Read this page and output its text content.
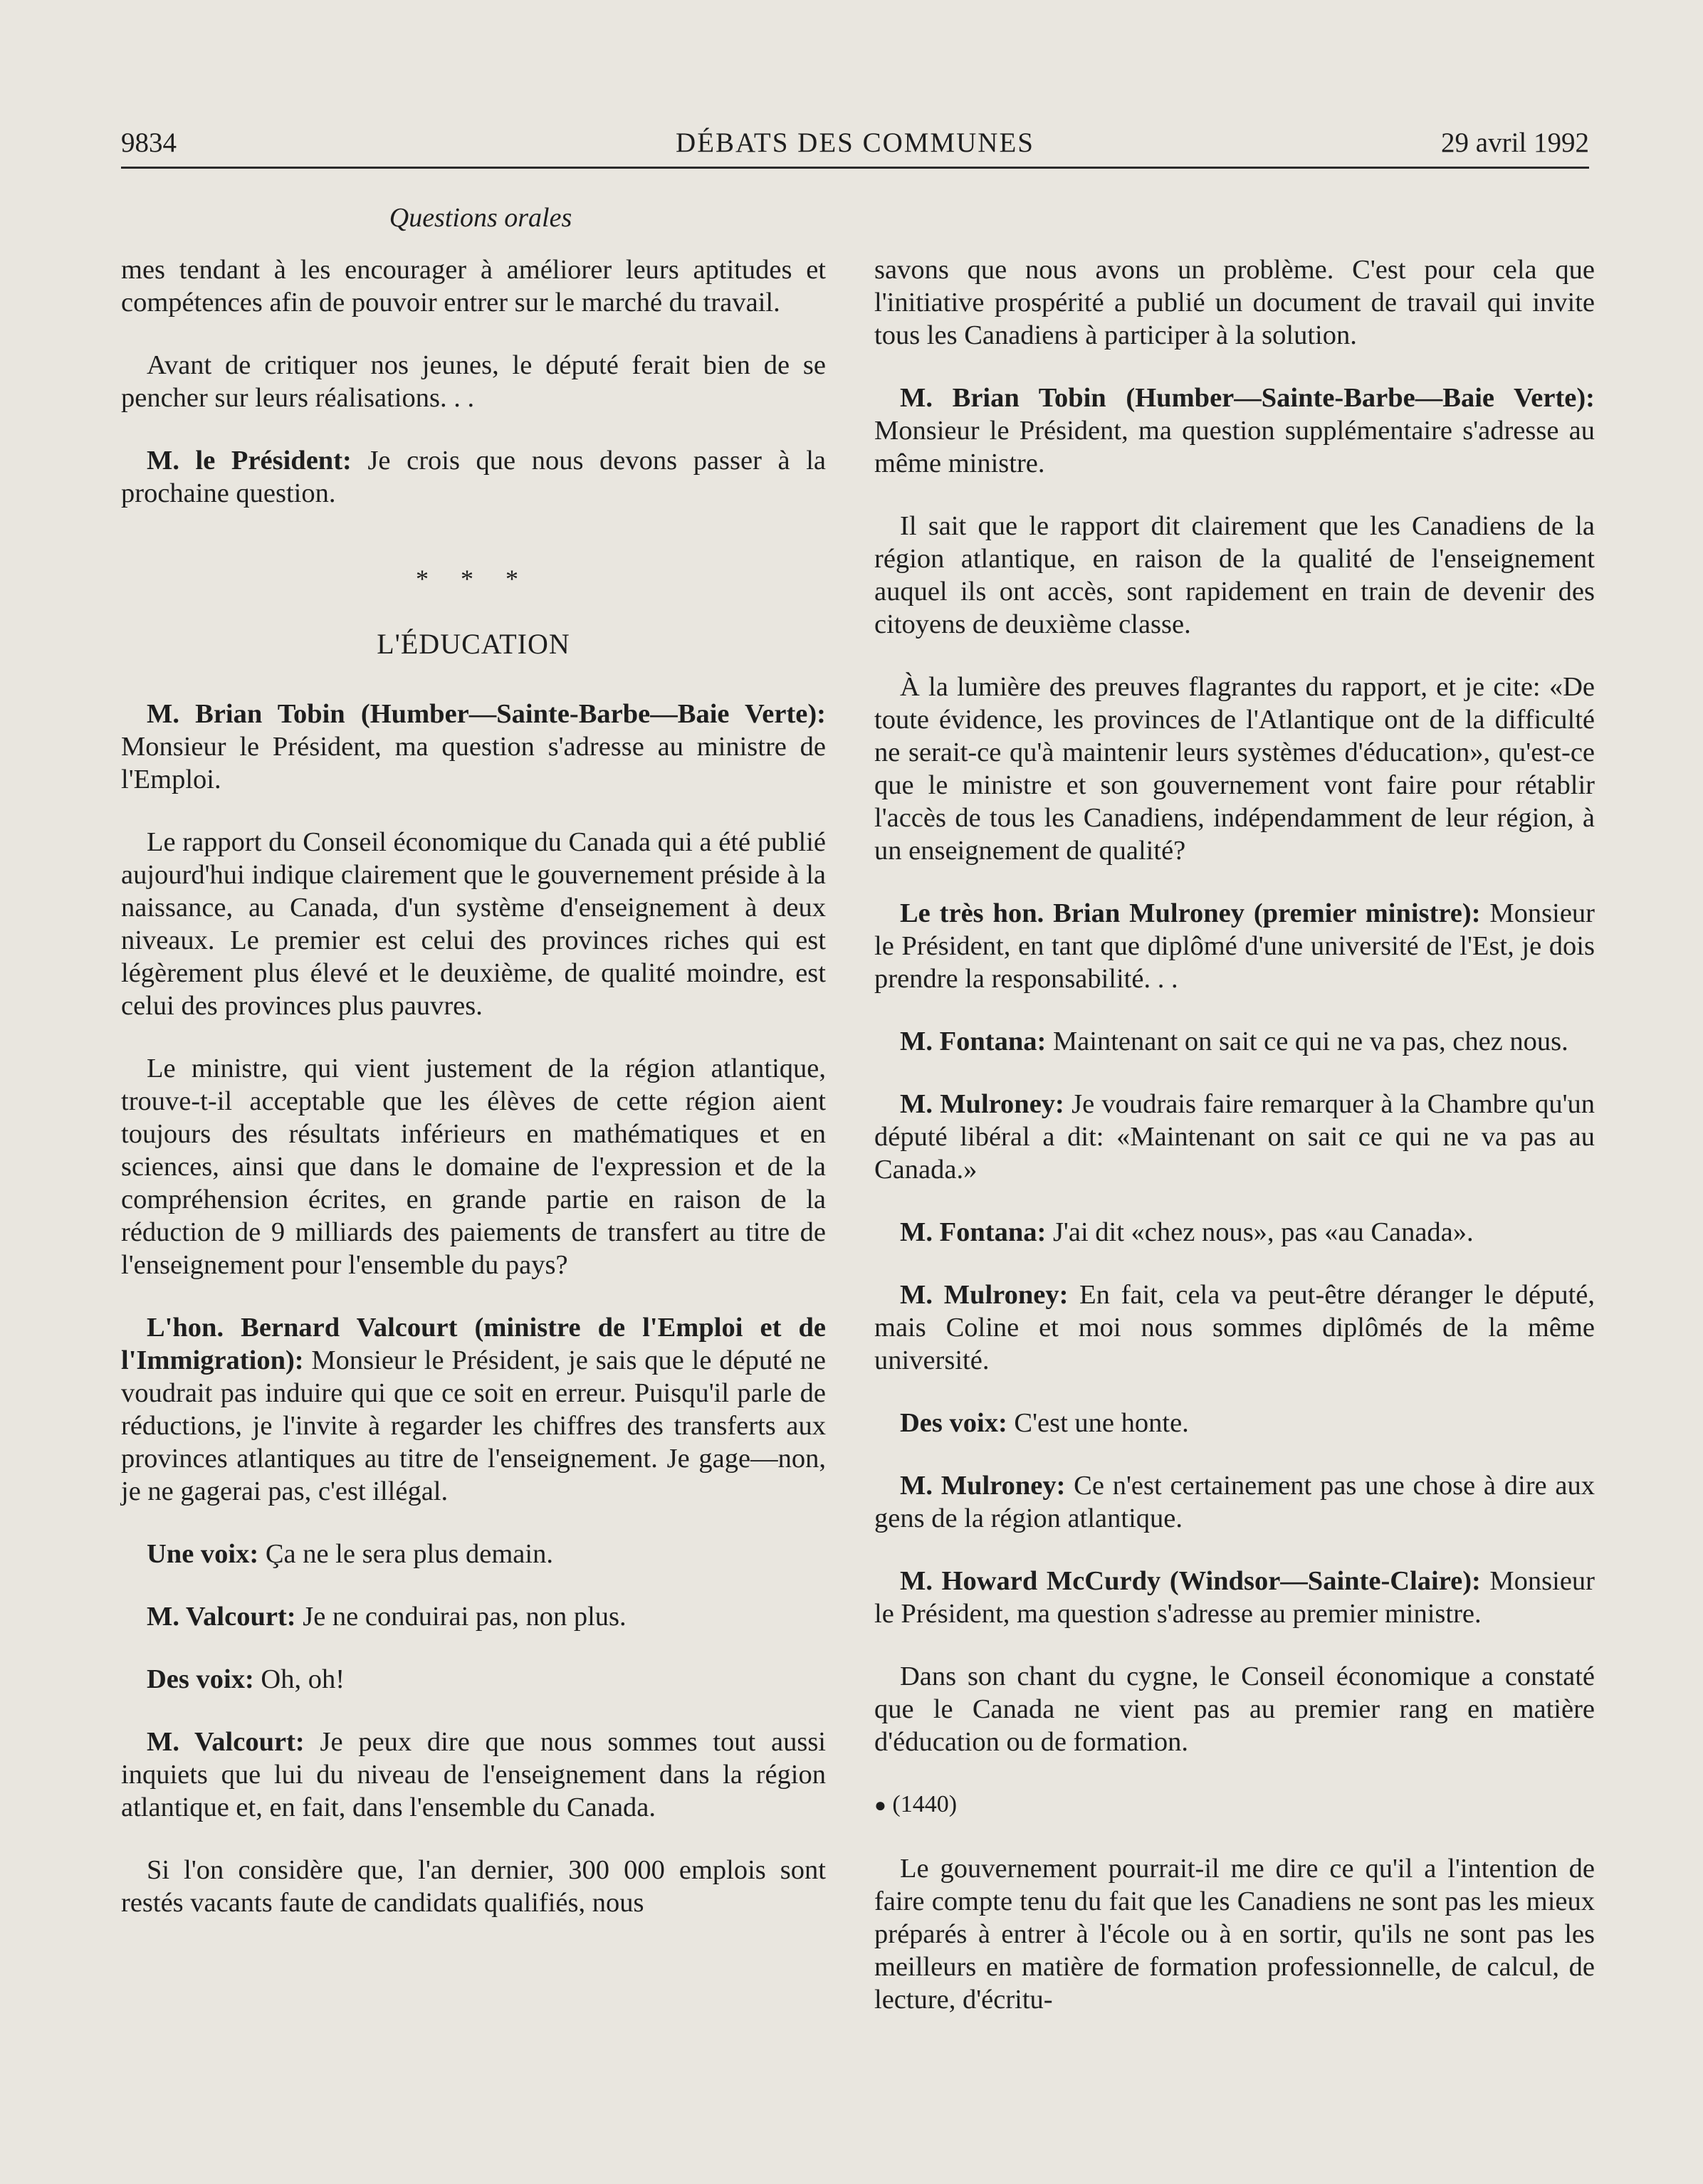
9834	DÉBATS DES COMMUNES	29 avril 1992
Questions orales

mes tendant à les encourager à améliorer leurs aptitudes et compétences afin de pouvoir entrer sur le marché du travail.

Avant de critiquer nos jeunes, le député ferait bien de se pencher sur leurs réalisations. . .

M. le Président: Je crois que nous devons passer à la prochaine question.

* * *
L'ÉDUCATION

M. Brian Tobin (Humber—Sainte-Barbe—Baie Verte): Monsieur le Président, ma question s'adresse au ministre de l'Emploi.

Le rapport du Conseil économique du Canada qui a été publié aujourd'hui indique clairement que le gouvernement préside à la naissance, au Canada, d'un système d'enseignement à deux niveaux. Le premier est celui des provinces riches qui est légèrement plus élevé et le deuxième, de qualité moindre, est celui des provinces plus pauvres.

Le ministre, qui vient justement de la région atlantique, trouve-t-il acceptable que les élèves de cette région aient toujours des résultats inférieurs en mathématiques et en sciences, ainsi que dans le domaine de l'expression et de la compréhension écrites, en grande partie en raison de la réduction de 9 milliards des paiements de transfert au titre de l'enseignement pour l'ensemble du pays?

L'hon. Bernard Valcourt (ministre de l'Emploi et de l'Immigration): Monsieur le Président, je sais que le député ne voudrait pas induire qui que ce soit en erreur. Puisqu'il parle de réductions, je l'invite à regarder les chiffres des transferts aux provinces atlantiques au titre de l'enseignement. Je gage—non, je ne gagerai pas, c'est illégal.

Une voix: Ça ne le sera plus demain.

M. Valcourt: Je ne conduirai pas, non plus.

Des voix: Oh, oh!

M. Valcourt: Je peux dire que nous sommes tout aussi inquiets que lui du niveau de l'enseignement dans la région atlantique et, en fait, dans l'ensemble du Canada.

Si l'on considère que, l'an dernier, 300 000 emplois sont restés vacants faute de candidats qualifiés, nous

savons que nous avons un problème. C'est pour cela que l'initiative prospérité a publié un document de travail qui invite tous les Canadiens à participer à la solution.

M. Brian Tobin (Humber—Sainte-Barbe—Baie Verte): Monsieur le Président, ma question supplémentaire s'adresse au même ministre.

Il sait que le rapport dit clairement que les Canadiens de la région atlantique, en raison de la qualité de l'enseignement auquel ils ont accès, sont rapidement en train de devenir des citoyens de deuxième classe.

À la lumière des preuves flagrantes du rapport, et je cite: «De toute évidence, les provinces de l'Atlantique ont de la difficulté ne serait-ce qu'à maintenir leurs systèmes d'éducation», qu'est-ce que le ministre et son gouvernement vont faire pour rétablir l'accès de tous les Canadiens, indépendamment de leur région, à un enseignement de qualité?

Le très hon. Brian Mulroney (premier ministre): Monsieur le Président, en tant que diplômé d'une université de l'Est, je dois prendre la responsabilité. . .

M. Fontana: Maintenant on sait ce qui ne va pas, chez nous.

M. Mulroney: Je voudrais faire remarquer à la Chambre qu'un député libéral a dit: «Maintenant on sait ce qui ne va pas au Canada.»

M. Fontana: J'ai dit «chez nous», pas «au Canada».

M. Mulroney: En fait, cela va peut-être déranger le député, mais Coline et moi nous sommes diplômés de la même université.

Des voix: C'est une honte.

M. Mulroney: Ce n'est certainement pas une chose à dire aux gens de la région atlantique.

M. Howard McCurdy (Windsor—Sainte-Claire): Monsieur le Président, ma question s'adresse au premier ministre.

Dans son chant du cygne, le Conseil économique a constaté que le Canada ne vient pas au premier rang en matière d'éducation ou de formation.

● (1440)

Le gouvernement pourrait-il me dire ce qu'il a l'intention de faire compte tenu du fait que les Canadiens ne sont pas les mieux préparés à entrer à l'école ou à en sortir, qu'ils ne sont pas les meilleurs en matière de formation professionnelle, de calcul, de lecture, d'écritu-
